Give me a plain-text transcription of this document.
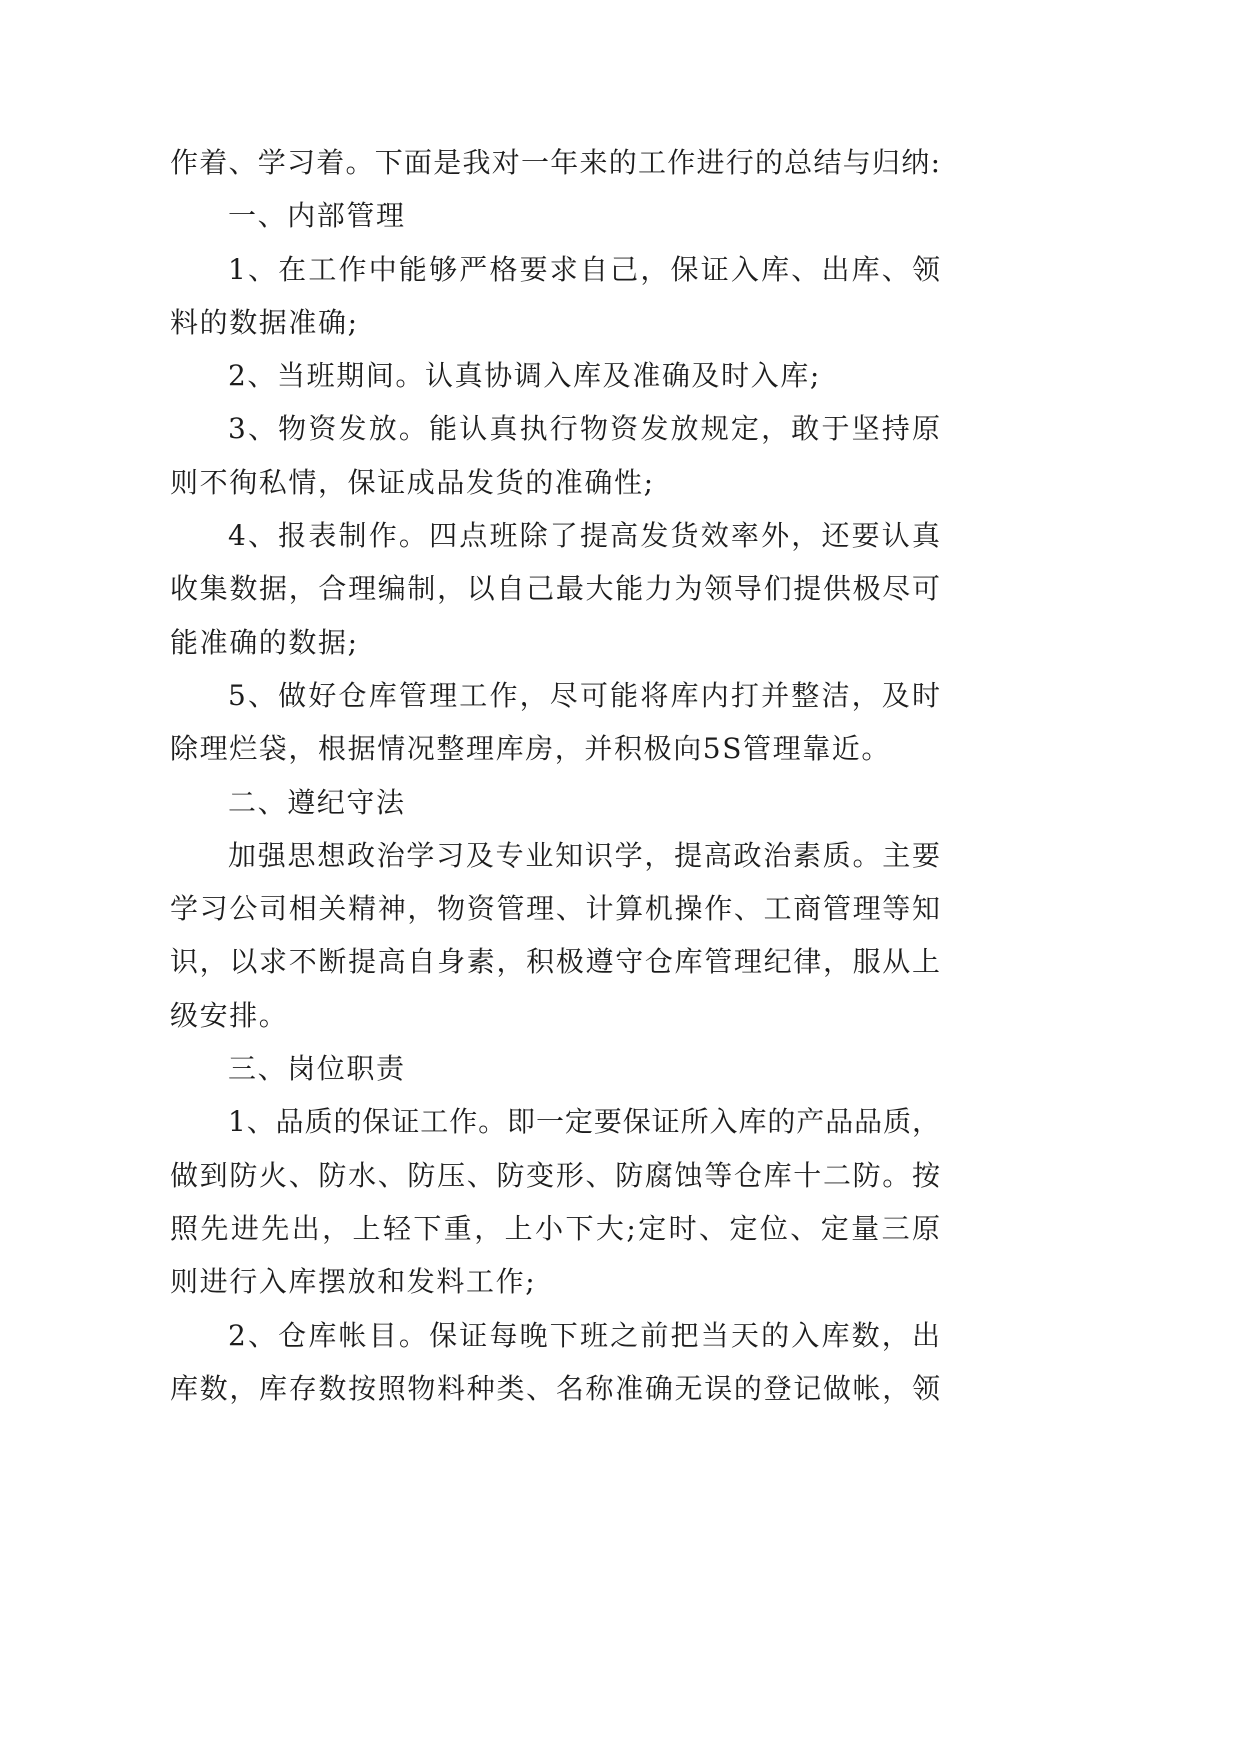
作着、学习着。下面是我对一年来的工作进行的总结与归纳:
一、内部管理
1、在工作中能够严格要求自己，保证入库、出库、领
料的数据准确;
2、当班期间。认真协调入库及准确及时入库;
3、物资发放。能认真执行物资发放规定，敢于坚持原
则不徇私情，保证成品发货的准确性;
4、报表制作。四点班除了提高发货效率外，还要认真
收集数据，合理编制，以自己最大能力为领导们提供极尽可
能准确的数据;
5、做好仓库管理工作，尽可能将库内打并整洁，及时
除理烂袋，根据情况整理库房，并积极向5S管理靠近。
二、遵纪守法
加强思想政治学习及专业知识学，提高政治素质。主要
学习公司相关精神，物资管理、计算机操作、工商管理等知
识，以求不断提高自身素，积极遵守仓库管理纪律，服从上
级安排。
三、岗位职责
1、品质的保证工作。即一定要保证所入库的产品品质，
做到防火、防水、防压、防变形、防腐蚀等仓库十二防。按
照先进先出，上轻下重，上小下大;定时、定位、定量三原
则进行入库摆放和发料工作;
2、仓库帐目。保证每晚下班之前把当天的入库数，出
库数，库存数按照物料种类、名称准确无误的登记做帐，领
